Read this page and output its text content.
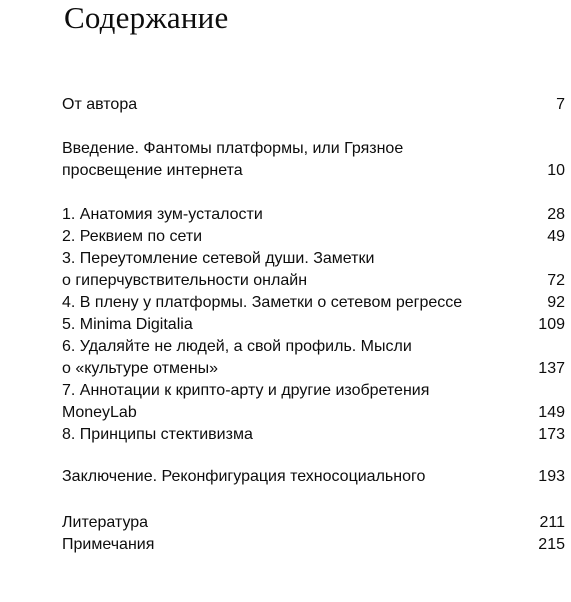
Содержание
От автора	7
Введение. Фантомы платформы, или Грязное
просвещение интернета	10
1. Анатомия зум-усталости	28
2. Реквием по сети	49
3. Переутомление сетевой души. Заметки
о гиперчувствительности онлайн	72
4. В плену у платформы. Заметки о сетевом регрессе	92
5. Minima Digitalia	109
6. Удаляйте не людей, а свой профиль. Мысли
о «культуре отмены»	137
7. Аннотации к крипто-арту и другие изобретения
MoneyLab	149
8. Принципы стективизма	173
Заключение. Реконфигурация техносоциального	193
Литература	211
Примечания	215
